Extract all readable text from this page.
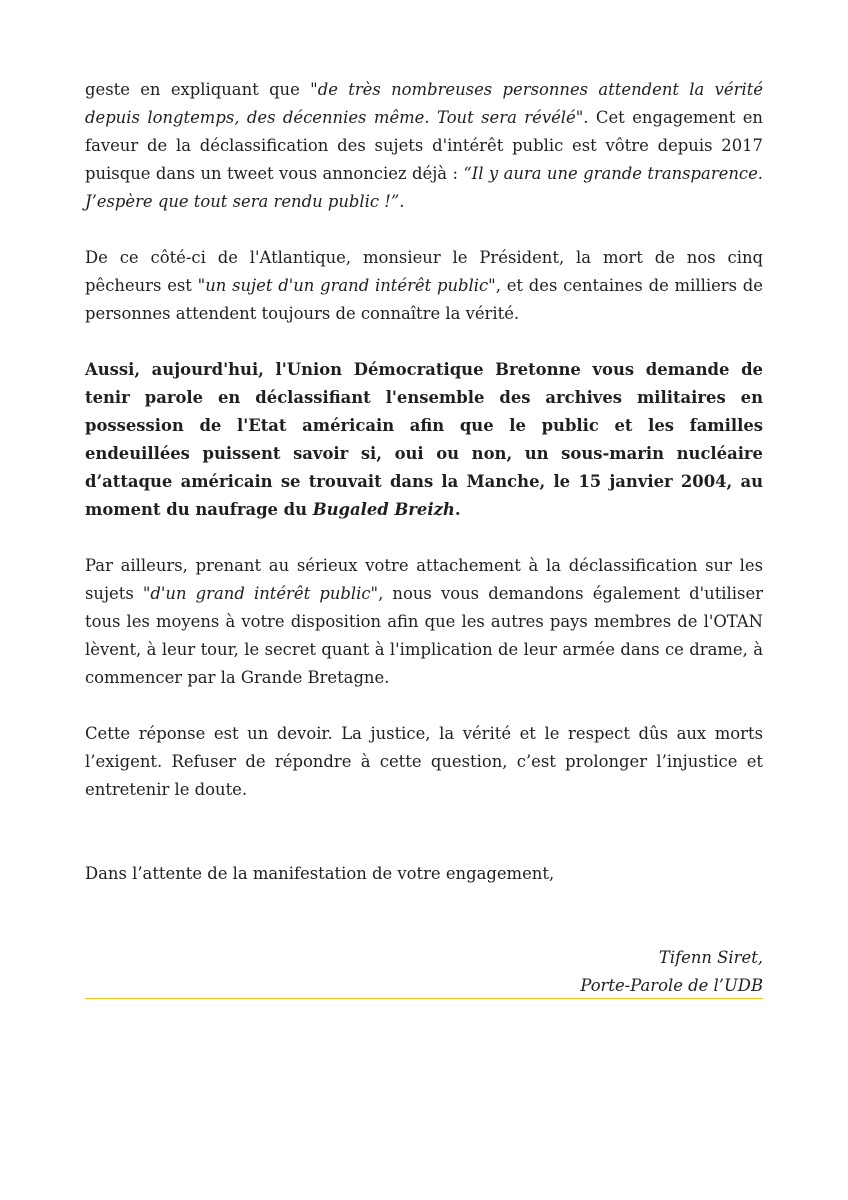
geste en expliquant que "de très nombreuses personnes attendent la vérité depuis longtemps, des décennies même. Tout sera révélé". Cet engagement en faveur de la déclassification des sujets d'intérêt public est vôtre depuis 2017 puisque dans un tweet vous annonciez déjà : “Il y aura une grande transparence. J’espère que tout sera rendu public !”.

De ce côté-ci de l'Atlantique, monsieur le Président, la mort de nos cinq pêcheurs est "un sujet d'un grand intérêt public", et des centaines de milliers de personnes attendent toujours de connaître la vérité.

Aussi, aujourd'hui, l'Union Démocratique Bretonne vous demande de tenir parole en déclassifiant l'ensemble des archives militaires en possession de l'Etat américain afin que le public et les familles endeuillées puissent savoir si, oui ou non, un sous-marin nucléaire d’attaque américain se trouvait dans la Manche, le 15 janvier 2004, au moment du naufrage du Bugaled Breizh.

Par ailleurs, prenant au sérieux votre attachement à la déclassification sur les sujets "d'un grand intérêt public", nous vous demandons également d'utiliser tous les moyens à votre disposition afin que les autres pays membres de l'OTAN lèvent, à leur tour, le secret quant à l'implication de leur armée dans ce drame, à commencer par la Grande Bretagne.

Cette réponse est un devoir. La justice, la vérité et le respect dûs aux morts l’exigent. Refuser de répondre à cette question, c’est prolonger l’injustice et entretenir le doute.

Dans l’attente de la manifestation de votre engagement,

Tifenn Siret,
Porte-Parole de l’UDB
